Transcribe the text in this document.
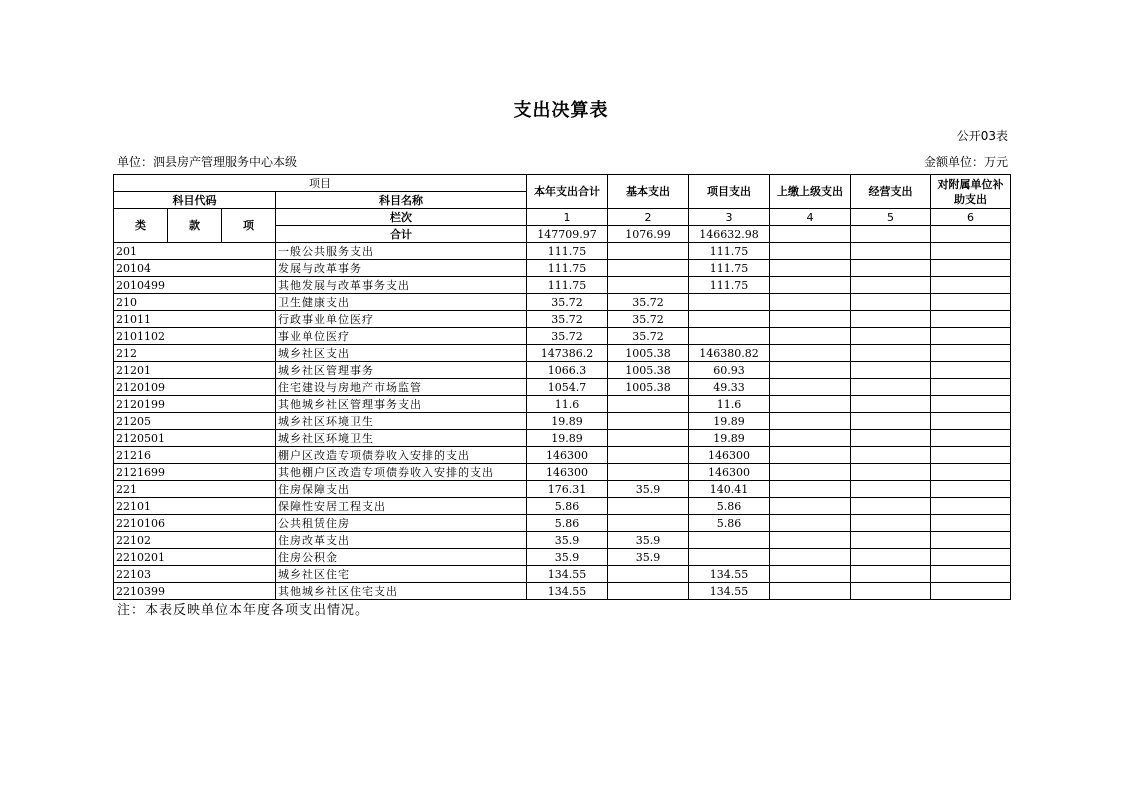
支出决算表
公开03表
单位：泗县房产管理服务中心本级	金额单位：万元
项目				本年支出合计	基本支出	项目支出	上缴上级支出	经营支出	对附属单位补助支出
科目代码			科目名称						
类	款	项	栏次	1	2	3	4	5	6
			合计	147709.97	1076.99	146632.98			
201			一般公共服务支出	111.75		111.75			
20104			发展与改革事务	111.75		111.75			
2010499			其他发展与改革事务支出	111.75		111.75			
210			卫生健康支出	35.72	35.72				
21011			行政事业单位医疗	35.72	35.72				
2101102			事业单位医疗	35.72	35.72				
212			城乡社区支出	147386.2	1005.38	146380.82			
21201			城乡社区管理事务	1066.3	1005.38	60.93			
2120109			住宅建设与房地产市场监管	1054.7	1005.38	49.33			
2120199			其他城乡社区管理事务支出	11.6		11.6			
21205			城乡社区环境卫生	19.89		19.89			
2120501			城乡社区环境卫生	19.89		19.89			
21216			棚户区改造专项债券收入安排的支出	146300		146300			
2121699			其他棚户区改造专项债券收入安排的支出	146300		146300			
221			住房保障支出	176.31	35.9	140.41			
22101			保障性安居工程支出	5.86		5.86			
2210106			公共租赁住房	5.86		5.86			
22102			住房改革支出	35.9	35.9				
2210201			住房公积金	35.9	35.9				
22103			城乡社区住宅	134.55		134.55			
2210399			其他城乡社区住宅支出	134.55		134.55			
注：本表反映单位本年度各项支出情况。
